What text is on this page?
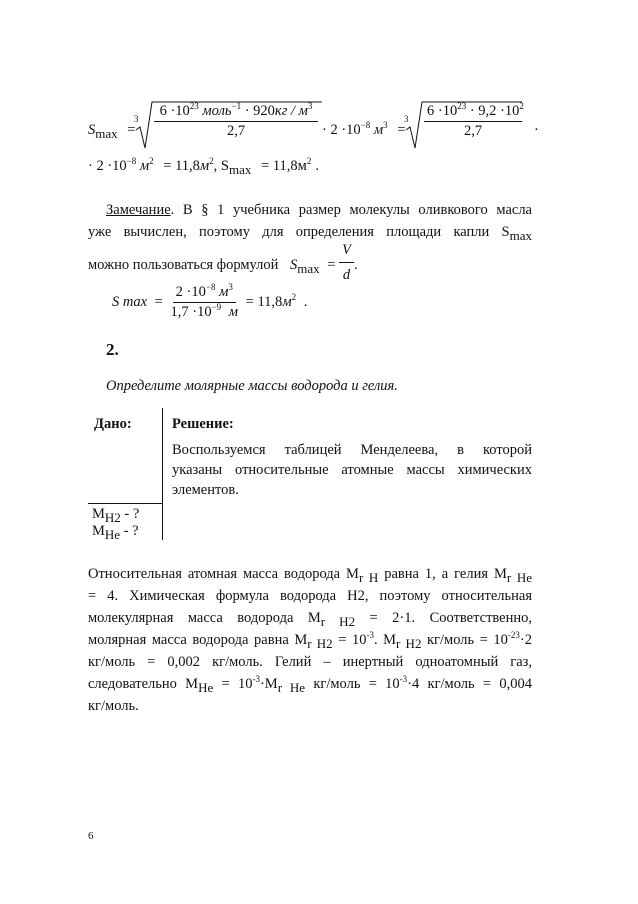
$S_{max}$ =
3	$6 \cdot 10^{23}$ моль$^{-1}$ · $920кг / м^3$
2,7	· $2 \cdot 10^{-8}$ $м^3$ =
$3 \frac{6 \cdot 10^{23} \cdot 9,2 \cdot 10^2}{2,7}$ ·
· $2 \cdot 10^{-8}$ $м^2 = 11,8м^2$, $S_{max} = 11,8м^2$ .
Замечание. В § 1 учебника размер молекулы оливкового масла
уже вычислен, поэтому для определения площади капли $S_{max}$
можно пользоваться формулой $S_{max} = \frac{V}{d}$ .
S $\max = \frac{2 \cdot 10^{-8} м^3}{1,7 \cdot 10^{-9} м} = 11,8м^2$ .
2.
Определите молярные массы водорода и гелия.
Дано:	Решение:
Воспользуемся таблицей Менделеева, в которой
указаны относительные атомные массы химических
элементов.
$M_{H2}$ - ?
$M_{He}$ - ?
Относительная атомная масса водорода $M_{r H}$ равна 1, а гелия $M_{r He}$
= 4. Химическая формула водорода H2, поэтому относительная
молекулярная масса водорода $M_{r H2} = 2\cdot 1$. Соответственно,
молярная масса водорода равна $M_{r H2} = 10^{-3}$. $M_{r H2}$ кг/моль = $10^{-23}\cdot 2$
кг/моль = 0,002 кг/моль. Гелий – инертный одноатомный газ,
следовательно $M_{He} = 10^{-3}\cdot M_{r He}$ кг/моль = $10^{-3}\cdot 4$ кг/моль = 0,004
кг/моль.
6
